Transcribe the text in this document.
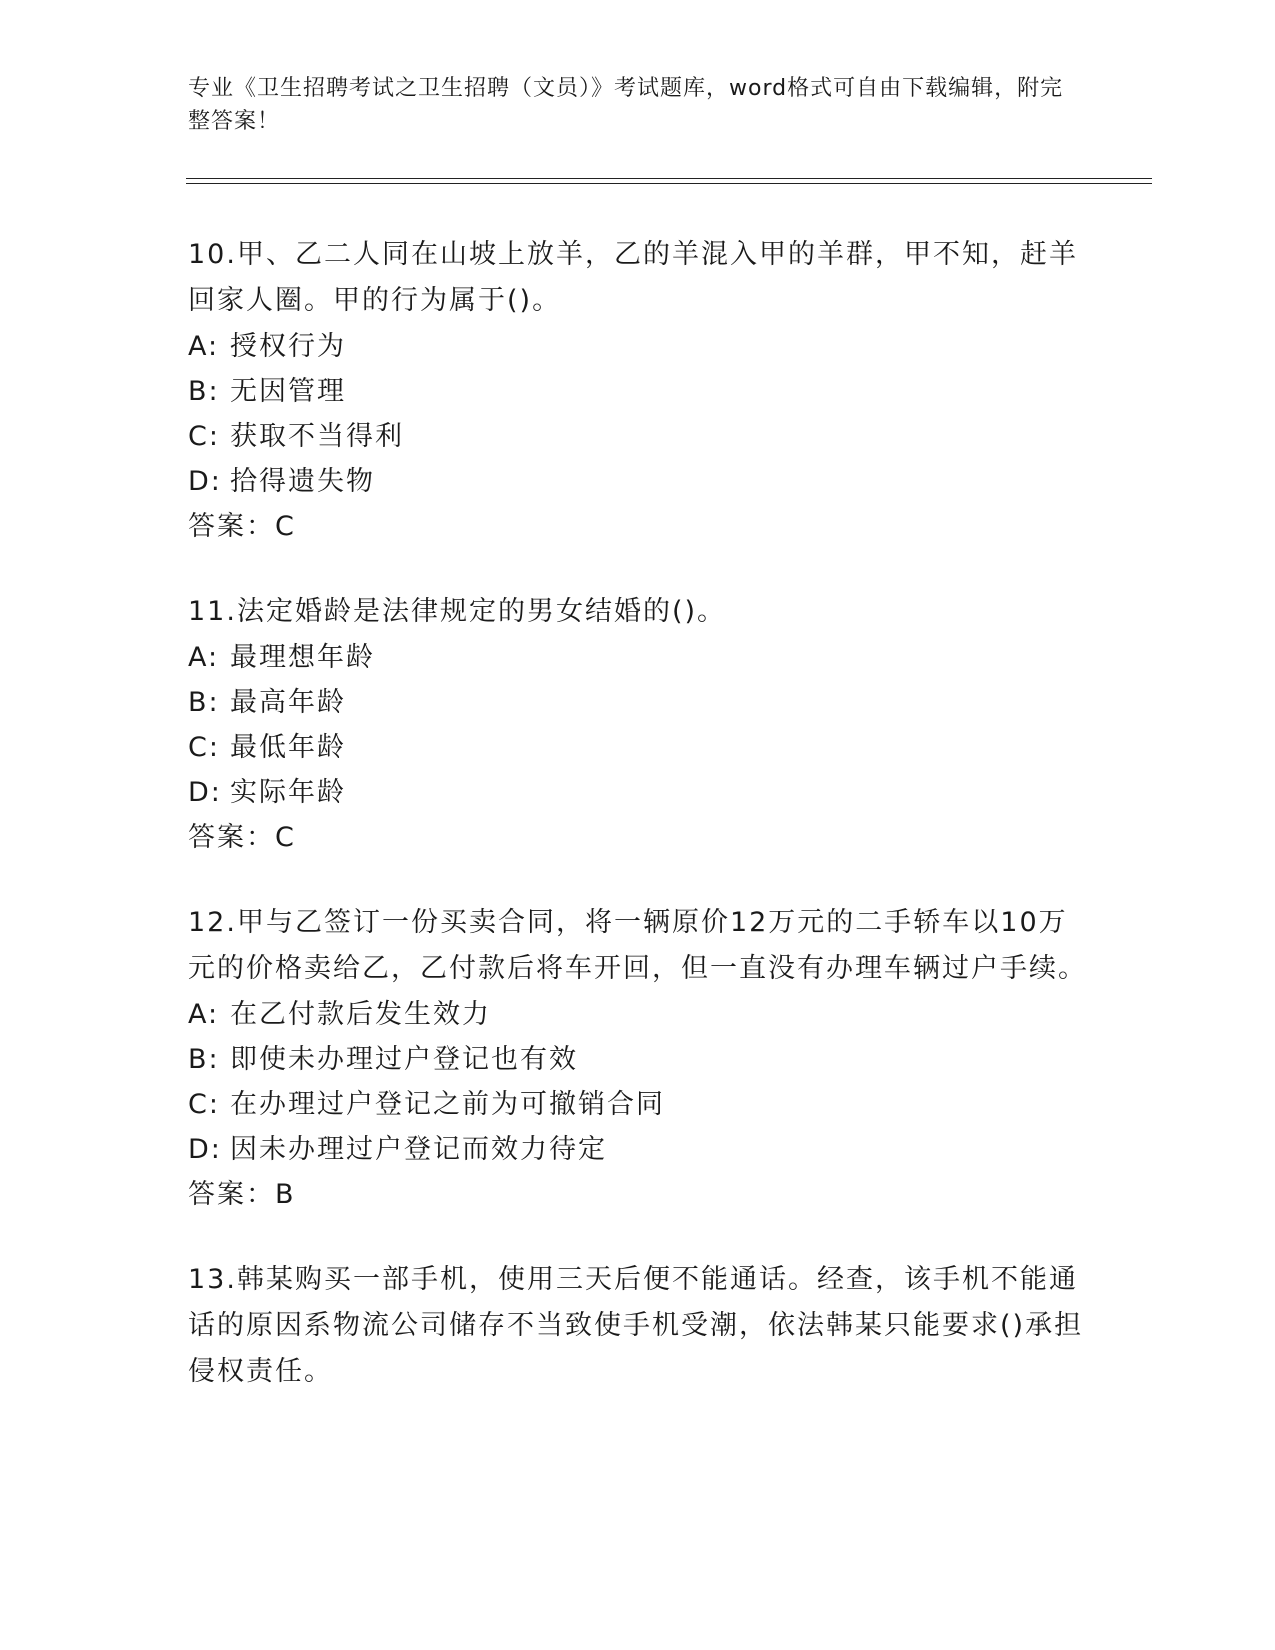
专业《卫生招聘考试之卫生招聘（文员）》考试题库，word格式可自由下载编辑，附完整答案！

10.甲、乙二人同在山坡上放羊，乙的羊混入甲的羊群，甲不知，赶羊回家人圈。甲的行为属于()。

A: 授权行为

B: 无因管理

C: 获取不当得利

D: 拾得遗失物

答案：C

11.法定婚龄是法律规定的男女结婚的()。

A: 最理想年龄

B: 最高年龄

C: 最低年龄

D: 实际年龄

答案：C

12.甲与乙签订一份买卖合同，将一辆原价12万元的二手轿车以10万元的价格卖给乙，乙付款后将车开回，但一直没有办理车辆过户手续。

A: 在乙付款后发生效力

B: 即使未办理过户登记也有效

C: 在办理过户登记之前为可撤销合同

D: 因未办理过户登记而效力待定

答案：B

13.韩某购买一部手机，使用三天后便不能通话。经查，该手机不能通话的原因系物流公司储存不当致使手机受潮，依法韩某只能要求()承担侵权责任。
